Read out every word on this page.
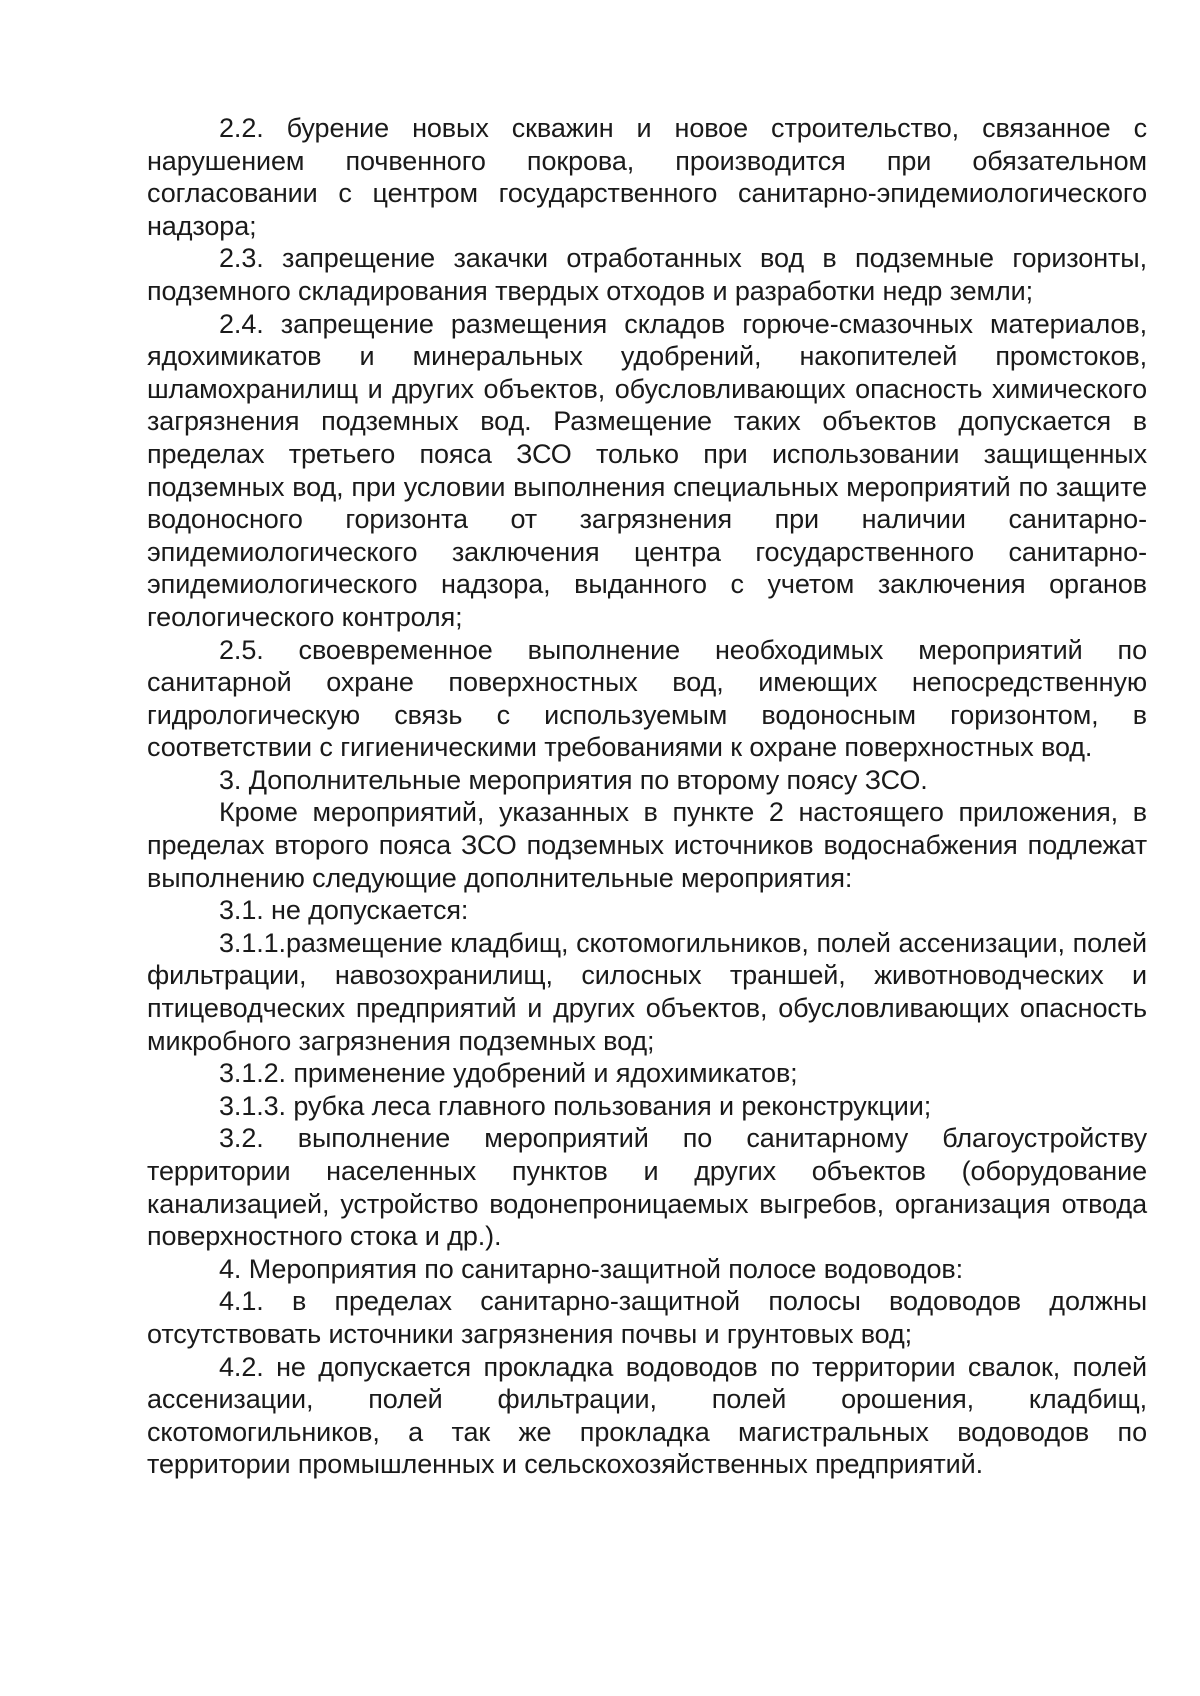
2.2. бурение новых скважин и новое строительство, связанное с нарушением почвенного покрова, производится при обязательном согласовании с центром государственного санитарно-эпидемиологического надзора;

2.3. запрещение закачки отработанных вод в подземные горизонты, подземного складирования твердых отходов и разработки недр земли;

2.4. запрещение размещения складов горюче-смазочных материалов, ядохимикатов и минеральных удобрений, накопителей промстоков, шламохранилищ и других объектов, обусловливающих опасность химического загрязнения подземных вод. Размещение таких объектов допускается в пределах третьего пояса ЗСО только при использовании защищенных подземных вод, при условии выполнения специальных мероприятий по защите водоносного горизонта от загрязнения при наличии санитарно-эпидемиологического заключения центра государственного санитарно-эпидемиологического надзора, выданного с учетом заключения органов геологического контроля;

2.5. своевременное выполнение необходимых мероприятий по санитарной охране поверхностных вод, имеющих непосредственную гидрологическую связь с используемым водоносным горизонтом, в соответствии с гигиеническими требованиями к охране поверхностных вод.

3. Дополнительные мероприятия по второму поясу ЗСО.

Кроме мероприятий, указанных в пункте 2 настоящего приложения, в пределах второго пояса ЗСО подземных источников водоснабжения подлежат выполнению следующие дополнительные мероприятия:

3.1. не допускается:

3.1.1.размещение кладбищ, скотомогильников, полей ассенизации, полей фильтрации, навозохранилищ, силосных траншей, животноводческих и птицеводческих предприятий и других объектов, обусловливающих опасность микробного загрязнения подземных вод;

3.1.2. применение удобрений и ядохимикатов;

3.1.3. рубка леса главного пользования и реконструкции;

3.2. выполнение мероприятий по санитарному благоустройству территории населенных пунктов и других объектов (оборудование канализацией, устройство водонепроницаемых выгребов, организация отвода поверхностного стока и др.).

4. Мероприятия по санитарно-защитной полосе водоводов:

4.1. в пределах санитарно-защитной полосы водоводов должны отсутствовать источники загрязнения почвы и грунтовых вод;

4.2. не допускается прокладка водоводов по территории свалок, полей ассенизации, полей фильтрации, полей орошения, кладбищ, скотомогильников, а так же прокладка магистральных водоводов по территории промышленных и сельскохозяйственных предприятий.
